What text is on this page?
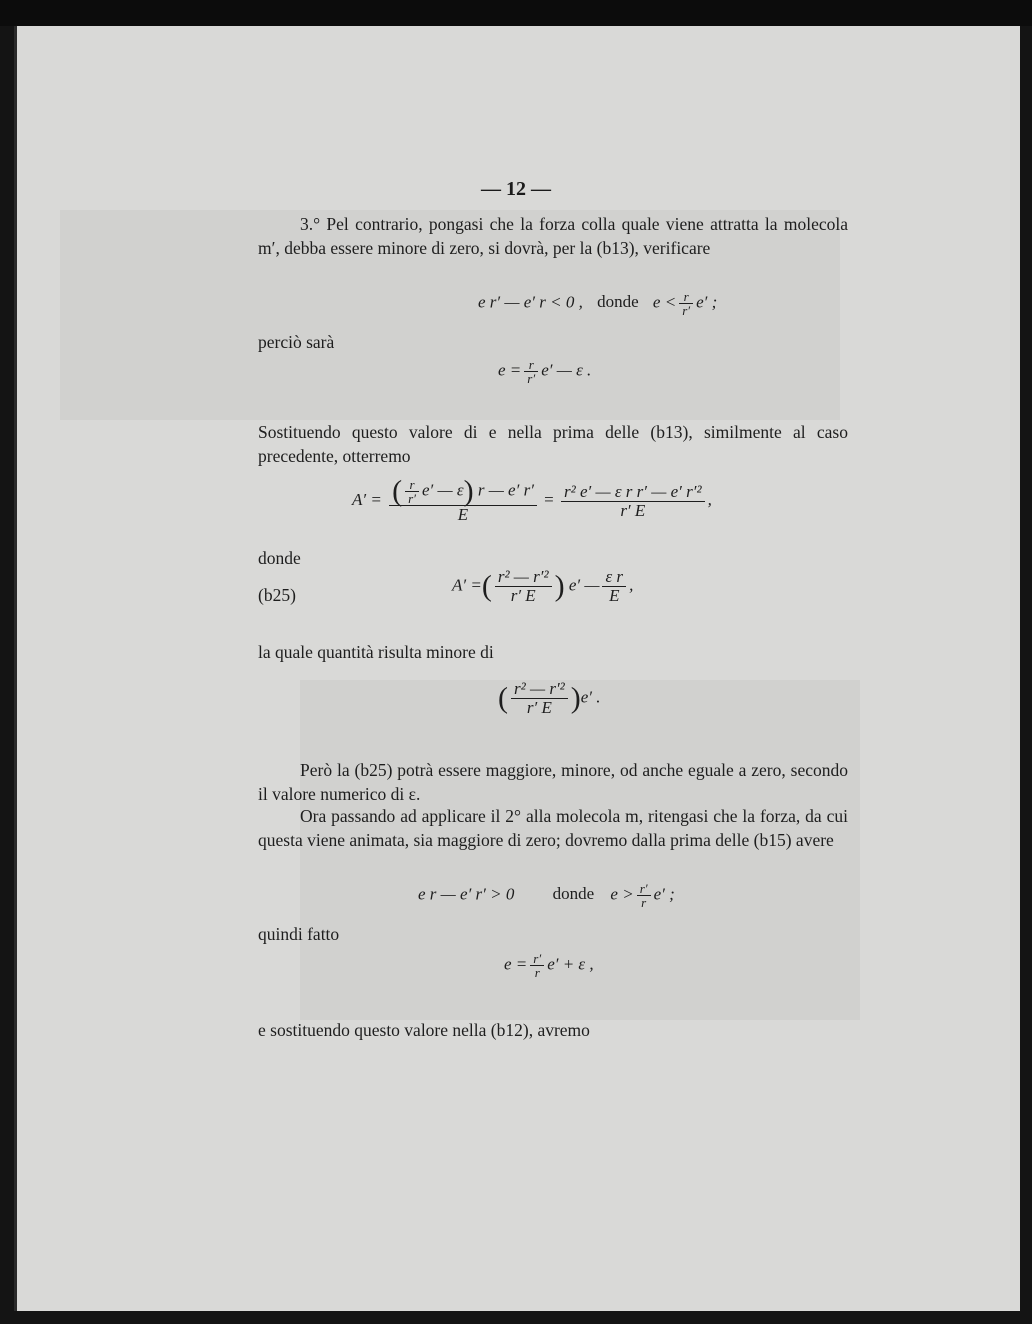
— 12 —
3.° Pel contrario, pongasi che la forza colla quale viene attratta la molecola m′, debba essere minore di zero, si dovrà, per la (b13), verificare
e r′ — e′ r < 0 , donde $e < \frac{r}{r'} e'$ ;
perciò sarà
$e = \frac{r}{r'} e'$ — ε .
Sostituendo questo valore di e nella prima delle (b13), similmente al caso precedente, otterremo
$A' = \frac{( \frac{r}{r'} e' — \varepsilon) r — e' r'}{E} = \frac{\text{r² e′ — ε r r′ — e′ r′²}}{r' E}$ ,
donde
(b25)
A′ =( $\frac{\text{r² — r′²}}{r' E}$ ) e′ — $\frac{\text{ε r}}{E}$ ,
la quale quantità risulta minore di
( $\frac{\text{r² — r′²}}{r' E} )e'$ .
Però la (b25) potrà essere maggiore, minore, od anche eguale a zero, secondo il valore numerico di ε.
Ora passando ad applicare il 2° alla molecola m, ritengasi che la forza, da cui questa viene animata, sia maggiore di zero; dovremo dalla prima delle (b15) avere
e r — e′ r′ > 0 donde $e > \frac{r'}{r} e'$ ;
quindi fatto
$e = \frac{r'}{r} e' + \varepsilon$ ,
e sostituendo questo valore nella (b12), avremo
